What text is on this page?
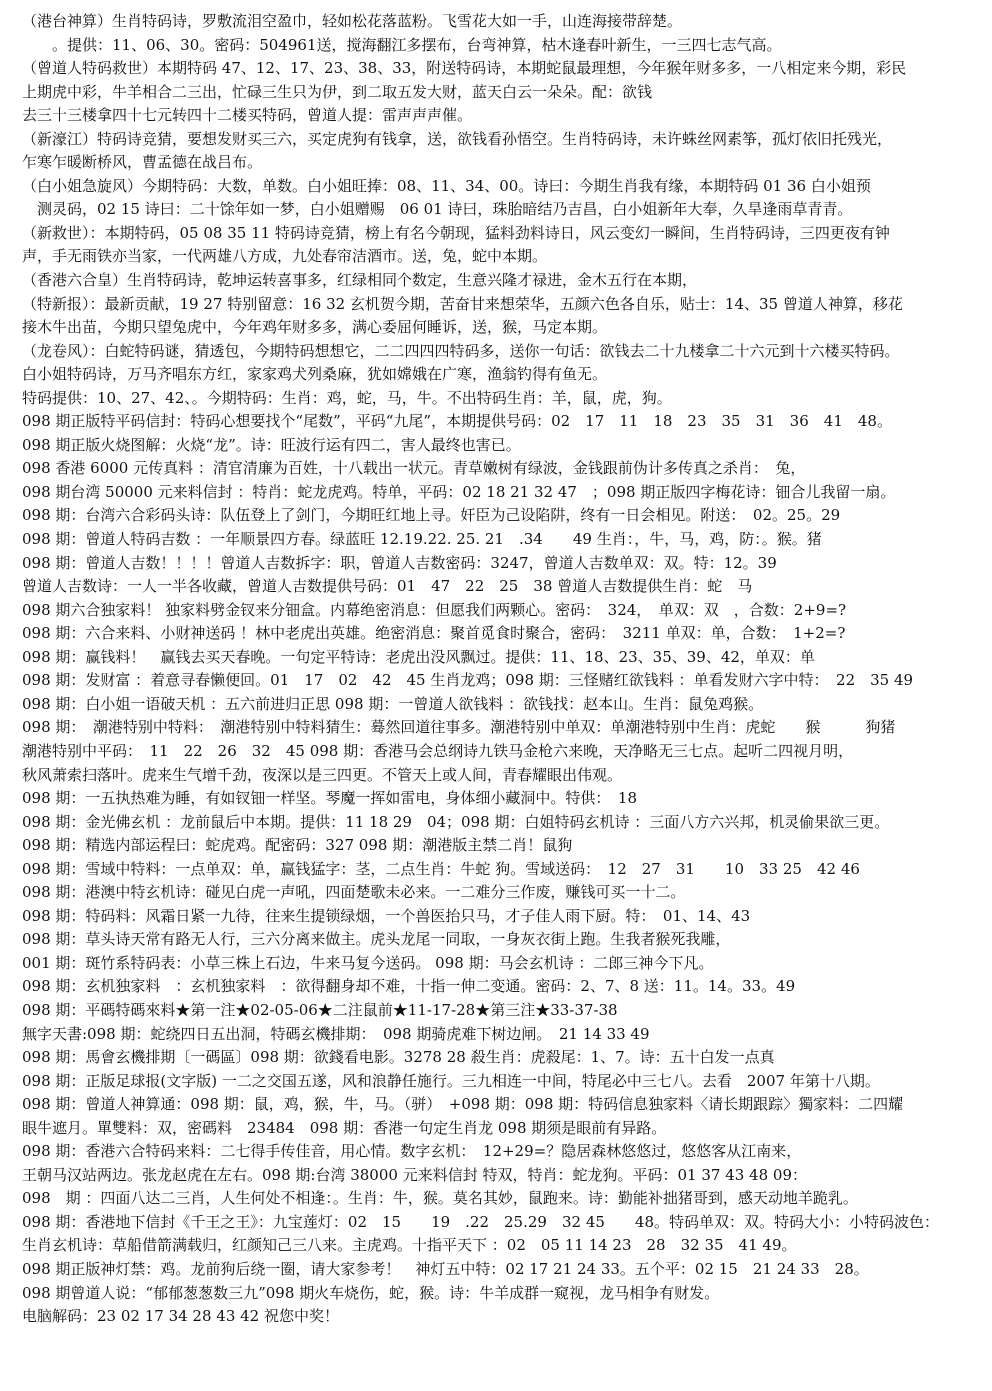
（港台神算）生肖特码诗，罗敷流泪空盈巾，轻如松花落蓝粉。飞雪花大如一手，山连海接带辞楚。
　　。提供：11、06、30。密码：504961送，搅海翻江多摆布，台弯神算，枯木逢春叶新生，一三四七志气高。
（曾道人特码救世）本期特码 47、12、17、23、38、33，附送特码诗，本期蛇鼠最理想，今年猴年财多多，一八相定来今期，彩民
上期虎中彩，牛羊相合二三出，忙碌三生只为伊，到二取五发大财，蓝天白云一朵朵。配：欲钱
去三十三楼拿四十七元转四十二楼买特码，曾道人提：雷声声声催。
（新濠江）特码诗竞猜，要想发财买三六，买定虎狗有钱拿，送，欲钱看孙悟空。生肖特码诗，未许蛛丝网素筝，孤灯依旧托残光，
乍寒乍暖断桥风，曹孟德在战吕布。
（白小姐急旋风）今期特码：大数，单数。白小姐旺捧：08、11、34、00。诗曰：今期生肖我有缘，本期特码 01 36 白小姐预
　测灵码，02 15 诗曰：二十馀年如一梦，白小姐赠赐　06 01 诗曰，珠胎暗结乃吉昌，白小姐新年大奉，久旱逢雨草青青。
（新救世）：本期特码，05 08 35 11 特码诗竞猜，榜上有名今朝现，猛料劲料诗日，风云变幻一瞬间，生肖特码诗，三四更夜有钟
声，手无雨铁亦当家，一代两雄八方成，九处春帘洁酒市。送，兔，蛇中本期。
（香港六合皇）生肖特码诗，乾坤运转喜事多，红绿相同个数定，生意兴隆才禄进，金木五行在本期，
（特新报）：最新贡献，19 27 特别留意：16 32 玄机贺今期，苦奋甘来想荣华，五颜六色各自乐，贴士：14、35 曾道人神算，移花
接木牛出苗，今期只望兔虎中，今年鸡年财多多，满心委屈何睡诉，送，猴，马定本期。
（龙卷风）：白蛇特码谜，猜透包，今期特码想想它，二二四四四特码多，送你一句话：欲钱去二十九楼拿二十六元到十六楼买特码。
白小姐特码诗，万马齐唱东方红，家家鸡犬列桑麻，犹如嫦娥在广寒，渔翁钓得有鱼无。
特码提供：10、27、42、。今期特码：生肖：鸡，蛇，马，牛。不出特码生肖：羊，鼠，虎，狗。
098 期正版特平码信封：特码心想要找个“尾数”，平码“九尾”，本期提供号码：02　17　11　18　23　35　31　36　41　48。
098 期正版火烧图解：火烧“龙”。诗：旺波行运有四二，害人最终也害已。
098 香港 6000 元传真料 ：清官清廉为百姓，十八载出一状元。青草嫩树有绿波，金钱跟前伪计多传真之杀肖：　兔，
098 期台湾 50000 元来料信封 ：特肖：蛇龙虎鸡。特单，平码：02 18 21 32 47　；098 期正版四字梅花诗：钿合儿我留一扇。
098 期：台湾六合彩码头诗：队伍登上了剑门，今期旺红地上寻。奸臣为己设陷阱，终有一日会相见。附送：　02。25。29
098 期：曾道人特码吉数 ：一年顺景四方春。绿蓝旺 12.19.22. 25. 21　.34　　49 生肖：，牛，马，鸡，防：。猴。猪
098 期：曾道人吉数！！！！曾道人吉数拆字：职，曾道人吉数密码：3247，曾道人吉数单双：双。特：12。39
曾道人吉数诗：一人一半各收藏，曾道人吉数提供号码：01　47　22　25　38 曾道人吉数提供生肖：蛇　马
098 期六合独家料！ 独家料劈金钗来分钿盒。内幕绝密消息：但愿我们两颗心。密码：　324，　单双：双　，合数：2+9=?
098 期：六合来料、小财神送码 ！林中老虎出英雄。绝密消息：聚首觅食时聚合，密码：　3211 单双：单，合数：　1+2=?
098 期：赢钱料！　赢钱去买天春晚。一句定平特诗：老虎出没风飘过。提供：11、18、23、35、39、42，单双：单
098 期：发财富 ：着意寻春懒便回。01　17　02　42　45 生肖龙鸡；098 期：三怪赌红欲钱料 ：单看发财六字中特：　22　35 49
098 期：白小姐一语破天机 ：五六前进归正思 098 期：一曾道人欲钱料 ：欲钱找：赵本山。生肖：鼠兔鸡猴。
098 期：　潮港特别中特料：　潮港特别中特料猜生：蓦然回道往事多。潮港特别中单双：单潮港特别中生肖：虎蛇　　猴　　　狗猪
潮港特别中平码：　11　22　26　32　45 098 期：香港马会总纲诗九铁马金枪六来晚，天净略无三七点。起听二四视月明，
秋风萧索扫落叶。虎来生气增千劲，夜深以是三四更。不管天上或人间，青春耀眼出伟观。
098 期：一五执热难为睡，有如钗钿一样坚。琴魔一挥如雷电，身体细小藏洞中。特供：　18
098 期：金光佛玄机 ：龙前鼠后中本期。提供：11 18 29　04；098 期：白姐特码玄机诗 ：三面八方六兴邦，机灵偷果欲三更。
098 期：精选内部运程曰：蛇虎鸡。配密码：327 098 期：潮港版主禁二肖！鼠狗
098 期：雪域中特料：一点单双：单，赢钱猛字：茎，二点生肖：牛蛇 狗。雪域送码：　12　27　31　　10　33 25　42 46
098 期：港澳中特玄机诗：碰见白虎一声吼，四面楚歌未必来。一二难分三作废，赚钱可买一十二。
098 期：特码料：风霜日紧一九待，往来生提锁绿烟，一个兽医抬只马，才子佳人雨下厨。特：　01、14、43
098 期：草头诗天常有路无人行，三六分离来做主。虎头龙尾一同取，一身灰衣街上跑。生我者猴死我雕，
001 期：斑竹系特码表：小草三株上石边，牛来马复今送码。 098 期：马会玄机诗 ：二郎三神今下凡。
098 期：玄机独家料　：玄机独家料　：欲得翻身却不难，十指一伸二变通。密码：2、7、8 送：11。14。33。49
098 期：平碼特碼來料★第一注★02-05-06★二注鼠前★11-17-28★第三注★33-37-38
無字天書:098 期：蛇绕四日五出洞，特碼玄機排期：　098 期骑虎难下树边闸。　21 14 33 49
098 期：馬會玄機排期〔一碼區〕098 期：欲錢看电影。3278 28 殺生肖：虎殺尾：1、7。诗：五十白发一点真
098 期：正版足球报(文字版) 一二之交国五遂，风和浪静任施行。三九相连一中间，特尾必中三七八。去看　2007 年第十八期。
098 期：曾道人神算通：098 期：鼠，鸡，猴，牛，马。（骈）　+098 期：098 期：特码信息独家料〈请长期跟踪〉獨家料：二四耀
眼牛遮月。單雙料：双，密碼料　23484　098 期：香港一句定生肖龙 098 期须是眼前有异路。
098 期：香港六合特码来料：二七得手传佳音，用心情。数字玄机：　12+29=？隐居森林悠悠过，悠悠客从江南来，
王朝马汉站两边。张龙赵虎在左右。098 期:台湾 38000 元来料信封 特双，特肖：蛇龙狗。平码：01 37 43 48 09：
098　期 ：四面八达二三肖，人生何处不相逢：。生肖：牛，猴。莫名其妙，鼠跑来。诗：勤能补拙猪哥到，感天动地羊跪乳。
098 期：香港地下信封《千王之王》：九宝莲灯：02　15　　19　.22　25.29　32 45　　48。特码单双：双。特码大小：小特码波色：
生肖玄机诗：草船借箭满载归，红颜知己三八来。主虎鸡。十指平天下 ：02　05 11 14 23　28　32 35　41 49。
098 期正版神灯禁：鸡。龙前狗后绕一圈，请大家参考！　神灯五中特：02 17 21 24 33。五个平：02 15　21 24 33　28。
098 期曾道人说：“郁郁葱葱数三九”098 期火车烧伤，蛇，猴。诗：牛羊成群一窥视，龙马相争有财发。
电脑解码：23 02 17 34 28 43 42 祝您中奖！
